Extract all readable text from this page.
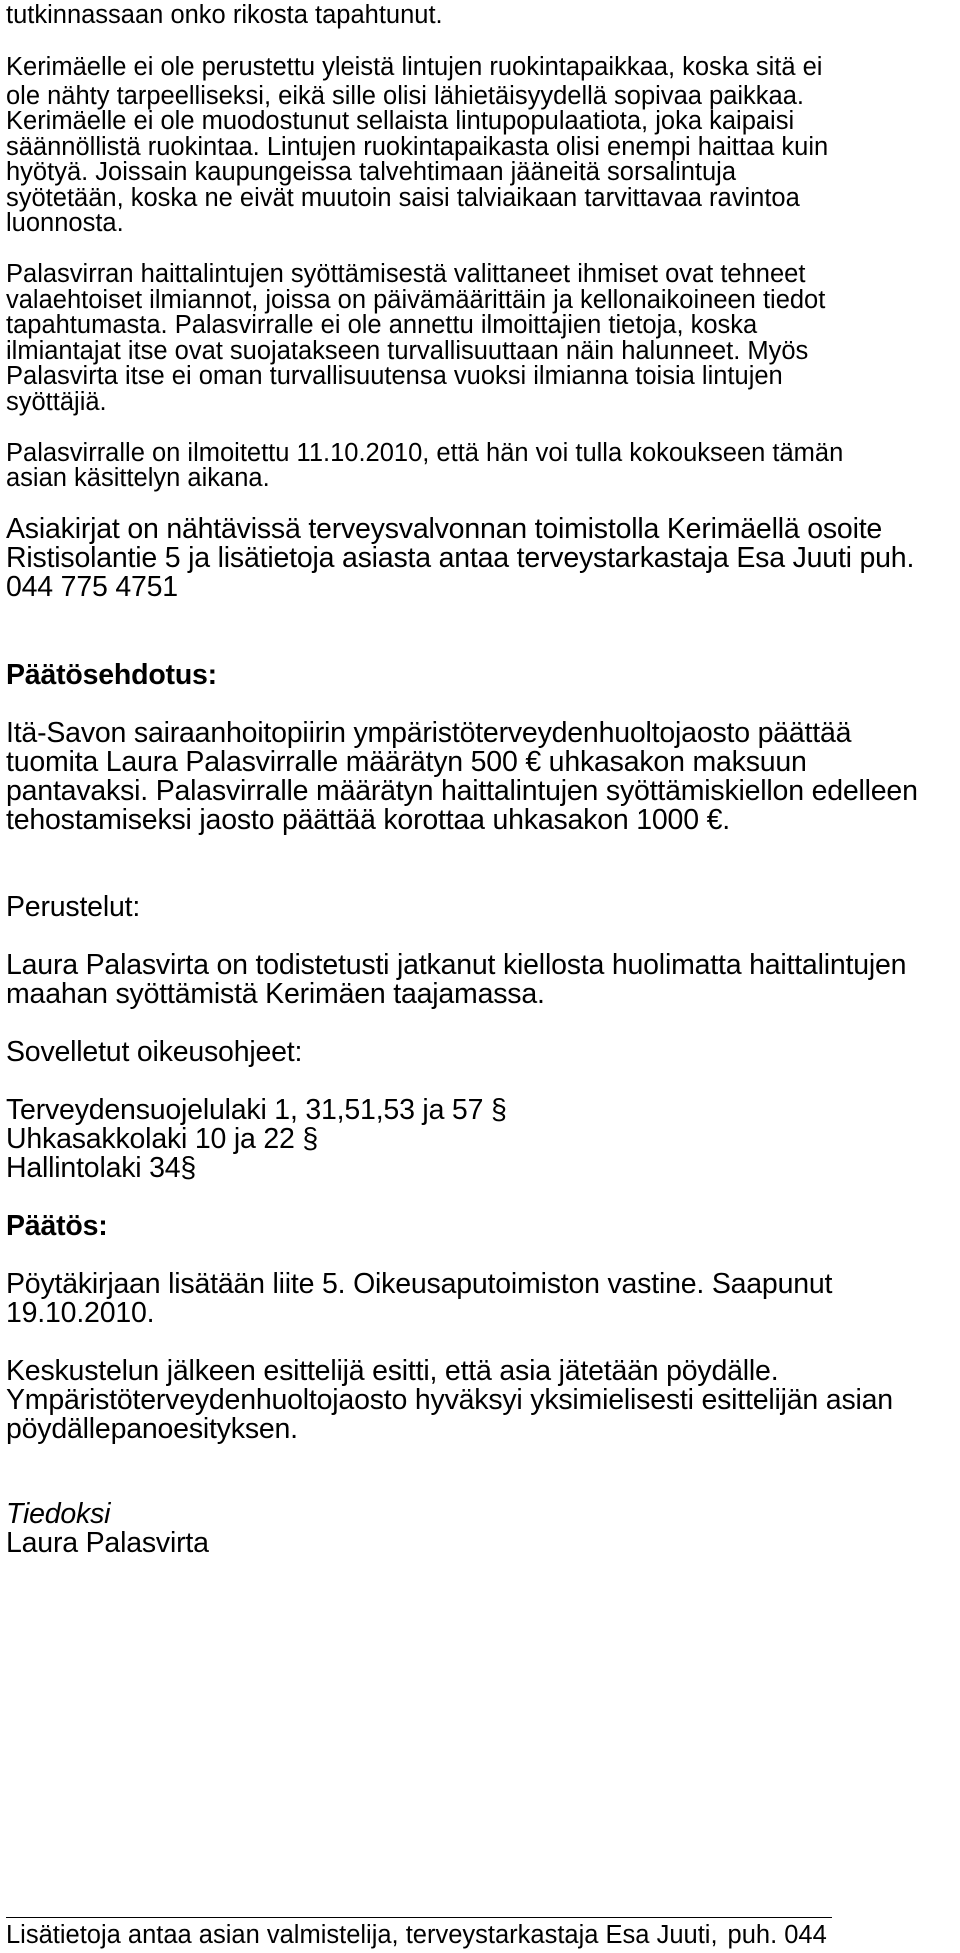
tutkinnassaan onko rikosta tapahtunut.
Kerimäelle ei ole perustettu yleistä lintujen ruokintapaikkaa, koska sitä ei
ole nähty tarpeelliseksi, eikä sille olisi lähietäisyydellä sopivaa paikkaa.
Kerimäelle ei ole muodostunut sellaista lintupopulaatiota, joka kaipaisi
säännöllistä ruokintaa. Lintujen ruokintapaikasta olisi enempi haittaa kuin
hyötyä. Joissain kaupungeissa talvehtimaan jääneitä sorsalintuja
syötetään, koska ne eivät muutoin saisi talviaikaan tarvittavaa ravintoa
luonnosta.
Palasvirran haittalintujen syöttämisestä valittaneet ihmiset ovat tehneet
valaehtoiset ilmiannot, joissa on päivämäärittäin ja kellonaikoineen tiedot
tapahtumasta. Palasvirralle ei ole annettu ilmoittajien tietoja, koska
ilmiantajat itse ovat suojatakseen turvallisuuttaan näin halunneet. Myös
Palasvirta itse ei oman turvallisuutensa vuoksi ilmianna toisia lintujen
syöttäjiä.
Palasvirralle on ilmoitettu 11.10.2010, että hän voi tulla kokoukseen tämän
asian käsittelyn aikana.
Asiakirjat on nähtävissä terveysvalvonnan toimistolla Kerimäellä osoite
Ristisolantie 5 ja lisätietoja asiasta antaa terveystarkastaja Esa Juuti puh.
044 775 4751
Päätösehdotus:
Itä-Savon sairaanhoitopiirin ympäristöterveydenhuoltojaosto päättää
tuomita Laura Palasvirralle määrätyn 500 € uhkasakon maksuun
pantavaksi. Palasvirralle määrätyn haittalintujen syöttämiskiellon edelleen
tehostamiseksi jaosto päättää korottaa uhkasakon 1000 €.
Perustelut:
Laura Palasvirta on todistetusti jatkanut kiellosta huolimatta haittalintujen
maahan syöttämistä Kerimäen taajamassa.
Sovelletut oikeusohjeet:
Terveydensuojelulaki 1, 31,51,53 ja 57 §
Uhkasakkolaki 10 ja 22 §
Hallintolaki 34§
Päätös:
Pöytäkirjaan lisätään liite 5. Oikeusaputoimiston vastine. Saapunut
19.10.2010.
Keskustelun jälkeen esittelijä esitti, että asia jätetään pöydälle.
Ympäristöterveydenhuoltojaosto hyväksyi yksimielisesti esittelijän asian
pöydällepanoesityksen.
Tiedoksi
Laura Palasvirta
Lisätietoja antaa asian valmistelija, terveystarkastaja Esa Juuti, puh. 044
